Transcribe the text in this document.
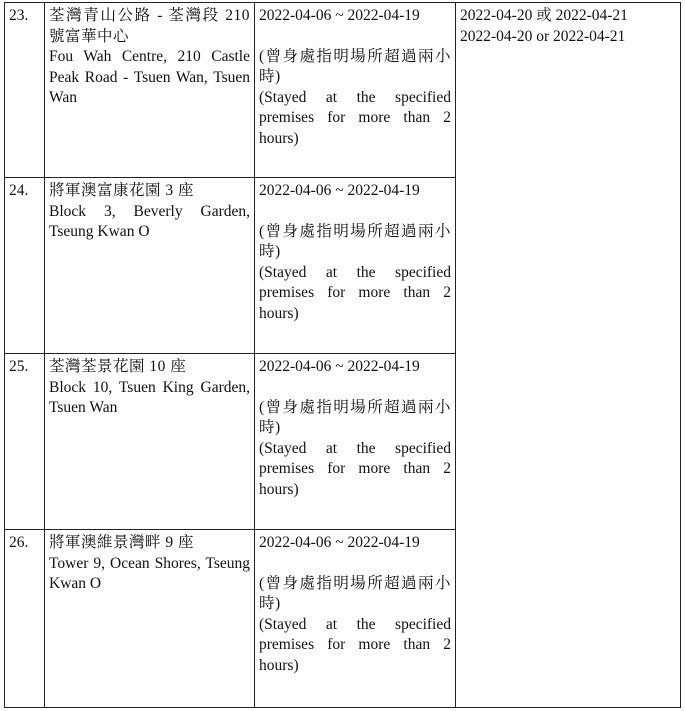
23.	荃灣青山公路 - 荃灣段 210 號富華中心
Fou Wah Centre, 210 Castle Peak Road - Tsuen Wan, Tsuen Wan	2022-04-06 ~ 2022-04-19
(曾身處指明場所超過兩小時)
(Stayed at the specified premises for more than 2 hours)	2022-04-20 或 2022-04-21
2022-04-20 or 2022-04-21

24.	將軍澳富康花園 3 座
Block 3, Beverly Garden, Tseung Kwan O	2022-04-06 ~ 2022-04-19
(曾身處指明場所超過兩小時)
(Stayed at the specified premises for more than 2 hours)	

25.	荃灣荃景花園 10 座
Block 10, Tsuen King Garden, Tsuen Wan	2022-04-06 ~ 2022-04-19
(曾身處指明場所超過兩小時)
(Stayed at the specified premises for more than 2 hours)	

26.	將軍澳維景灣畔 9 座
Tower 9, Ocean Shores, Tseung Kwan O	2022-04-06 ~ 2022-04-19
(曾身處指明場所超過兩小時)
(Stayed at the specified premises for more than 2 hours)	
